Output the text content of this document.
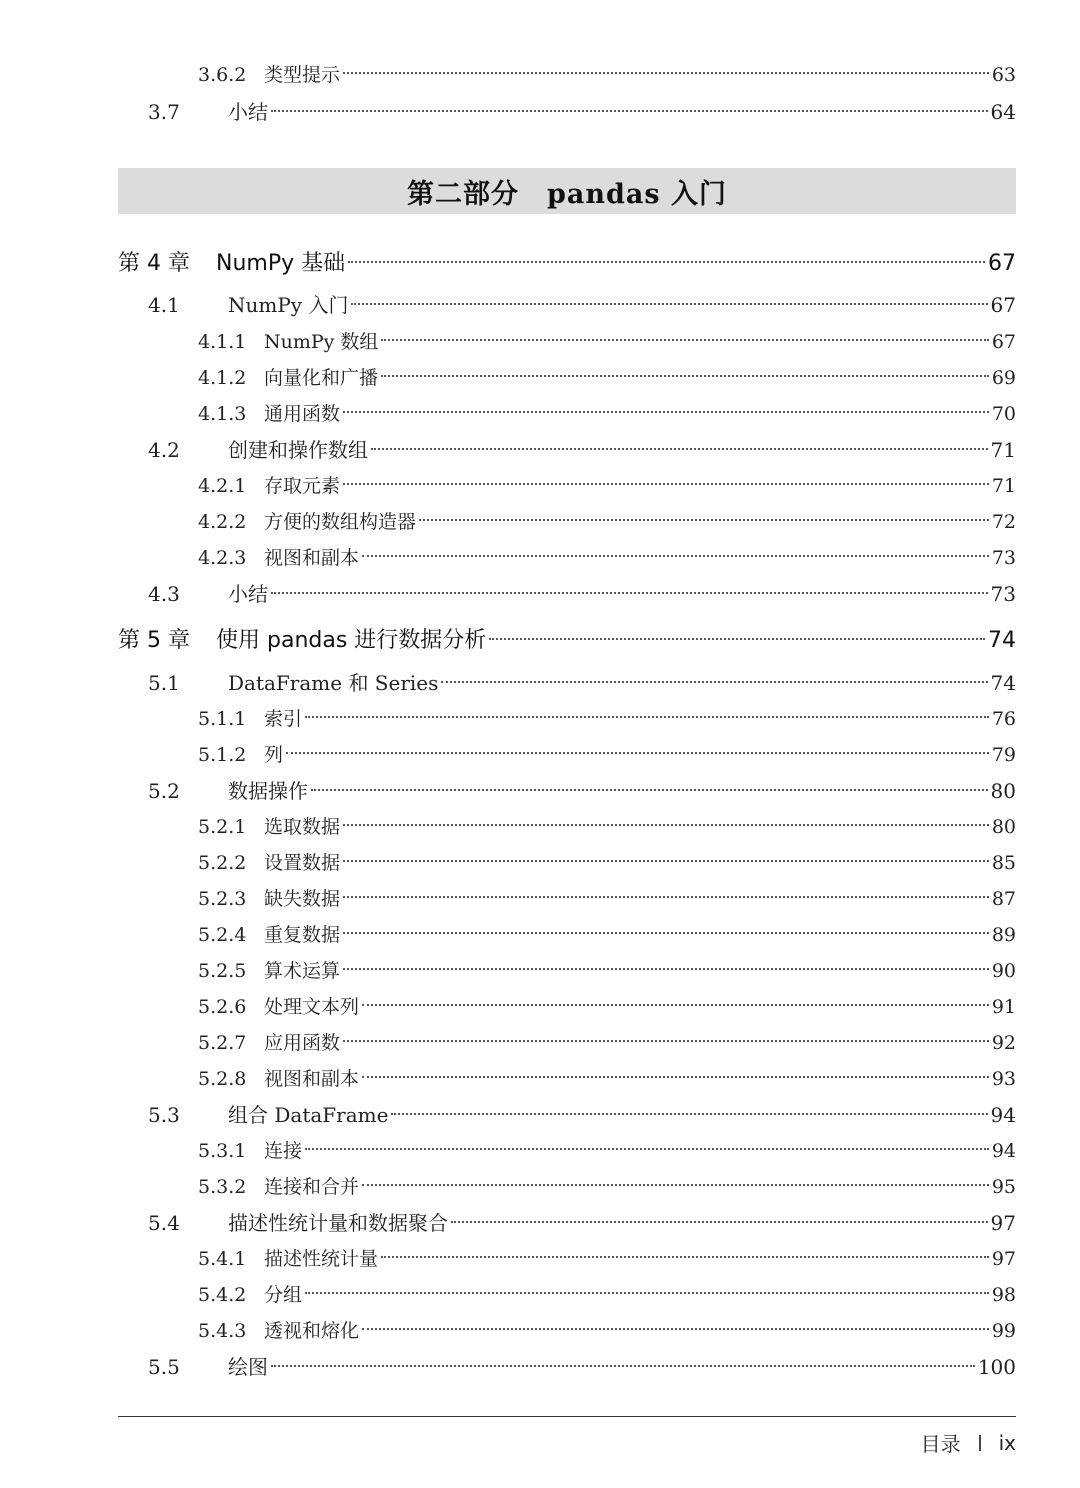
3.6.2 类型提示	63
3.7	小结	64
第二部分　pandas 入门
第 4 章	NumPy 基础	67
4.1	NumPy 入门	67
4.1.1 NumPy 数组	67
4.1.2 向量化和广播	69
4.1.3 通用函数	70
4.2	创建和操作数组	71
4.2.1 存取元素	71
4.2.2 方便的数组构造器	72
4.2.3 视图和副本	73
4.3	小结	73
第 5 章	使用 pandas 进行数据分析	74
5.1	DataFrame 和 Series	74
5.1.1 索引	76
5.1.2 列	79
5.2	数据操作	80
5.2.1 选取数据	80
5.2.2 设置数据	85
5.2.3 缺失数据	87
5.2.4 重复数据	89
5.2.5 算术运算	90
5.2.6 处理文本列	91
5.2.7 应用函数	92
5.2.8 视图和副本	93
5.3	组合 DataFrame	94
5.3.1 连接	94
5.3.2 连接和合并	95
5.4	描述性统计量和数据聚合	97
5.4.1 描述性统计量	97
5.4.2 分组	98
5.4.3 透视和熔化	99
5.5	绘图	100
目录 ix
